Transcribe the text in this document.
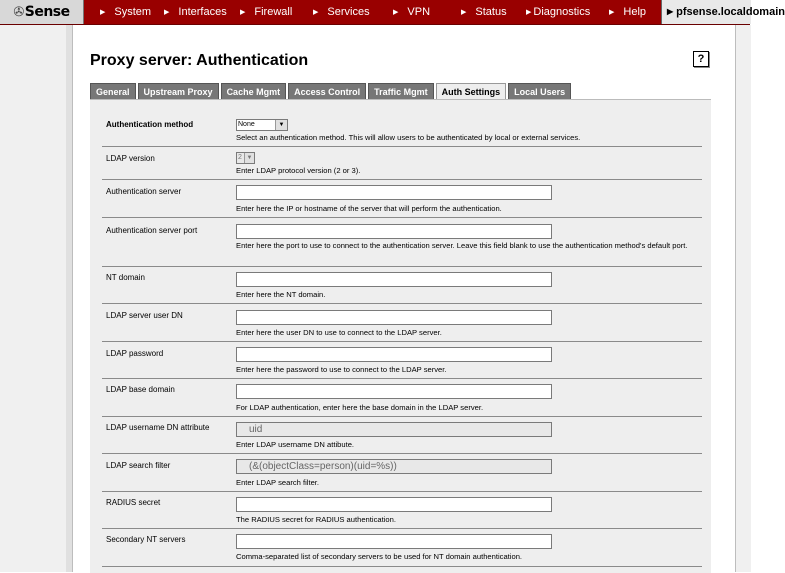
✇ Sense	▶ System ▶ Interfaces ▶ Firewall	▶ Services	▶ VPN	▶ Status	▶ Diagnostics	▶ Help	▶ pfsense.localdomain
Proxy server: Authentication	?
General	Upstream Proxy	Cache Mgmt	Access Control	Traffic Mgmt	Auth Settings	Local Users
Authentication method	None	▼
Select an authentication method. This will allow users to be authenticated by local or external services.
LDAP version	2 ▼
Enter LDAP protocol version (2 or 3).
Authentication server
Enter here the IP or hostname of the server that will perform the authentication.
Authentication server port
Enter here the port to use to connect to the authentication server. Leave this field blank to use the authentication method's default port.
NT domain
Enter here the NT domain.
LDAP server user DN
Enter here the user DN to use to connect to the LDAP server.
LDAP password
Enter here the password to use to connect to the LDAP server.
LDAP base domain
For LDAP authentication, enter here the base domain in the LDAP server.
LDAP username DN attribute	uid
Enter LDAP username DN attibute.
LDAP search filter	(&(objectClass=person)(uid=%s))
Enter LDAP search filter.
RADIUS secret
The RADIUS secret for RADIUS authentication.
Secondary NT servers
Comma-separated list of secondary servers to be used for NT domain authentication.
